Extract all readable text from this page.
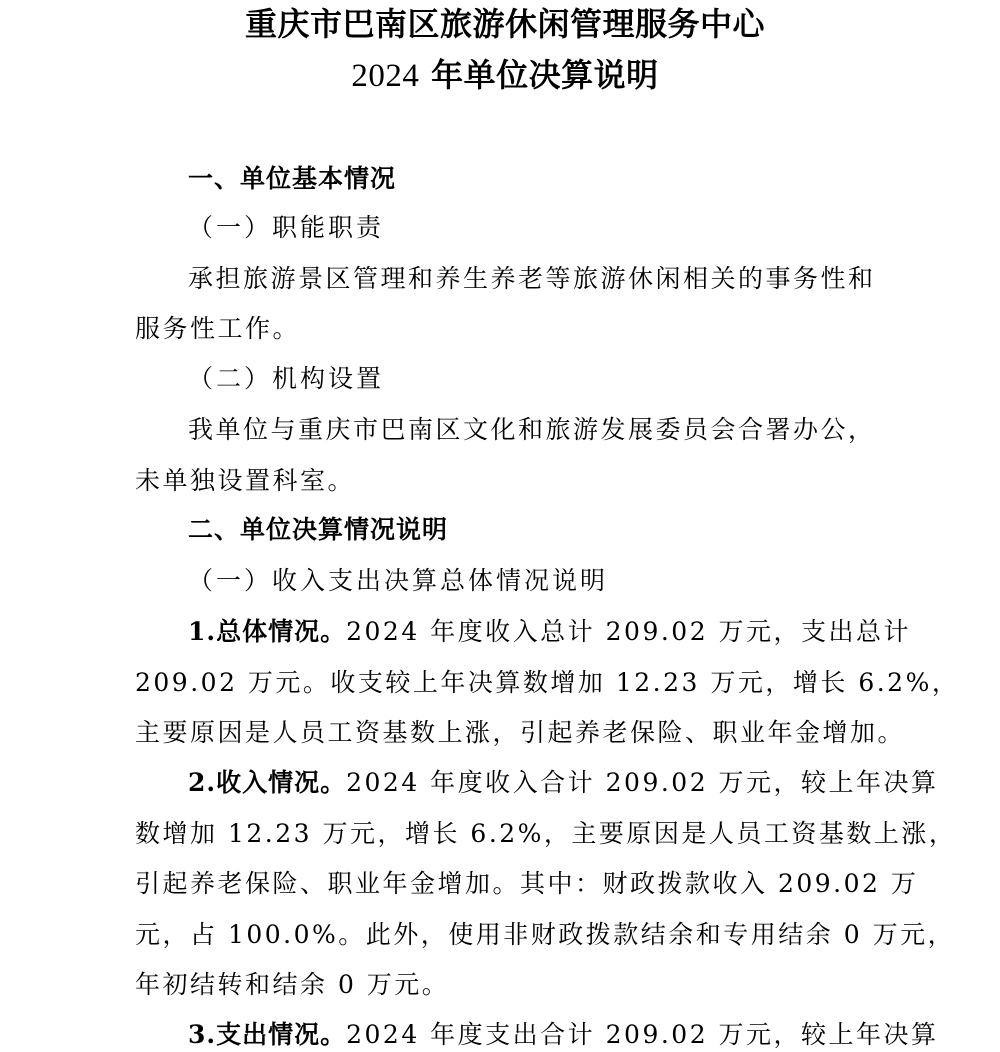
重庆市巴南区旅游休闲管理服务中心
2024 年单位决算说明

一、单位基本情况

（一）职能职责

承担旅游景区管理和养生养老等旅游休闲相关的事务性和

服务性工作。

（二）机构设置

我单位与重庆市巴南区文化和旅游发展委员会合署办公，

未单独设置科室。

二、单位决算情况说明

（一）收入支出决算总体情况说明

1.总体情况。2024 年度收入总计 209.02 万元，支出总计

209.02 万元。收支较上年决算数增加 12.23 万元，增长 6.2%，

主要原因是人员工资基数上涨，引起养老保险、职业年金增加。

2.收入情况。2024 年度收入合计 209.02 万元，较上年决算

数增加 12.23 万元，增长 6.2%，主要原因是人员工资基数上涨，

引起养老保险、职业年金增加。其中：财政拨款收入 209.02 万

元，占 100.0%。此外，使用非财政拨款结余和专用结余 0 万元，

年初结转和结余 0 万元。

3.支出情况。2024 年度支出合计 209.02 万元，较上年决算
